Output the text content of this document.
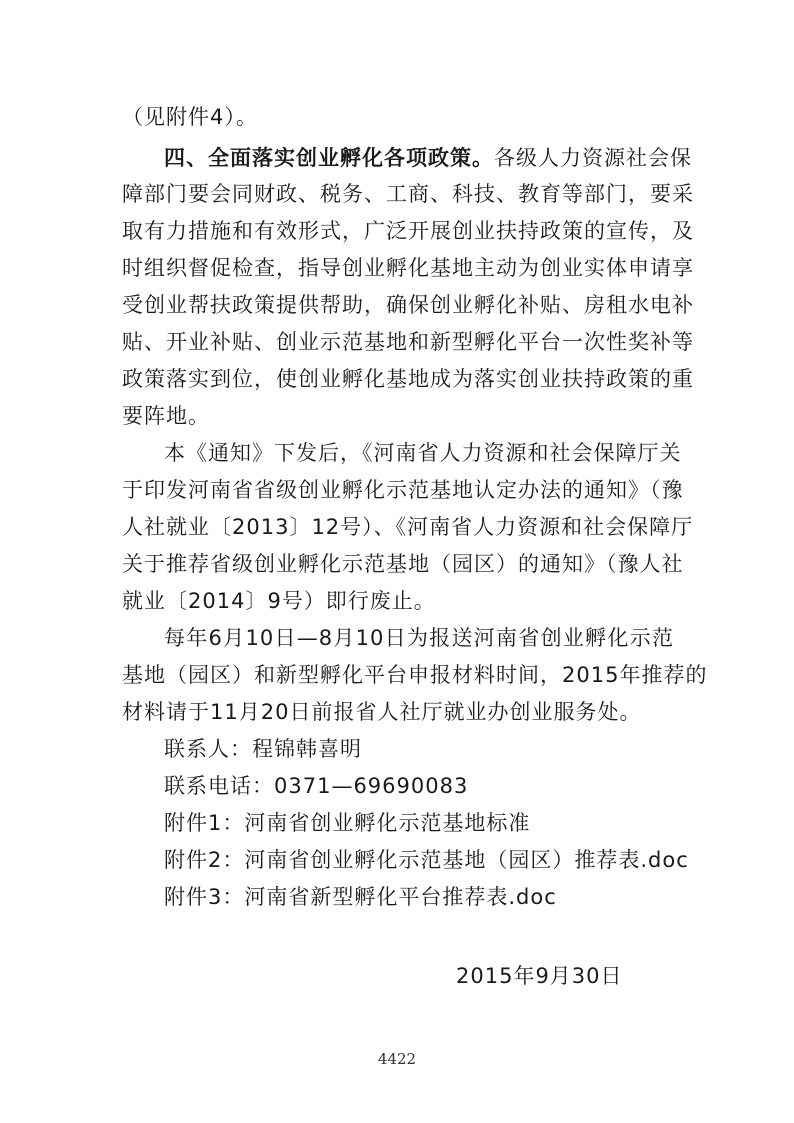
（见附件4）。
四、全面落实创业孵化各项政策。各级人力资源社会保
障部门要会同财政、税务、工商、科技、教育等部门，要采
取有力措施和有效形式，广泛开展创业扶持政策的宣传，及
时组织督促检查，指导创业孵化基地主动为创业实体申请享
受创业帮扶政策提供帮助，确保创业孵化补贴、房租水电补
贴、开业补贴、创业示范基地和新型孵化平台一次性奖补等
政策落实到位，使创业孵化基地成为落实创业扶持政策的重
要阵地。
本《通知》下发后，《河南省人力资源和社会保障厅关
于印发河南省省级创业孵化示范基地认定办法的通知》（豫
人社就业〔2013〕12号）、《河南省人力资源和社会保障厅
关于推荐省级创业孵化示范基地（园区）的通知》（豫人社
就业〔2014〕9号）即行废止。
每年6月10日—8月10日为报送河南省创业孵化示范
基地（园区）和新型孵化平台申报材料时间，2015年推荐的
材料请于11月20日前报省人社厅就业办创业服务处。
联系人：程锦韩喜明
联系电话：0371—69690083
附件1：河南省创业孵化示范基地标准
附件2：河南省创业孵化示范基地（园区）推荐表.doc
附件3：河南省新型孵化平台推荐表.doc
2015年9月30日
4422
